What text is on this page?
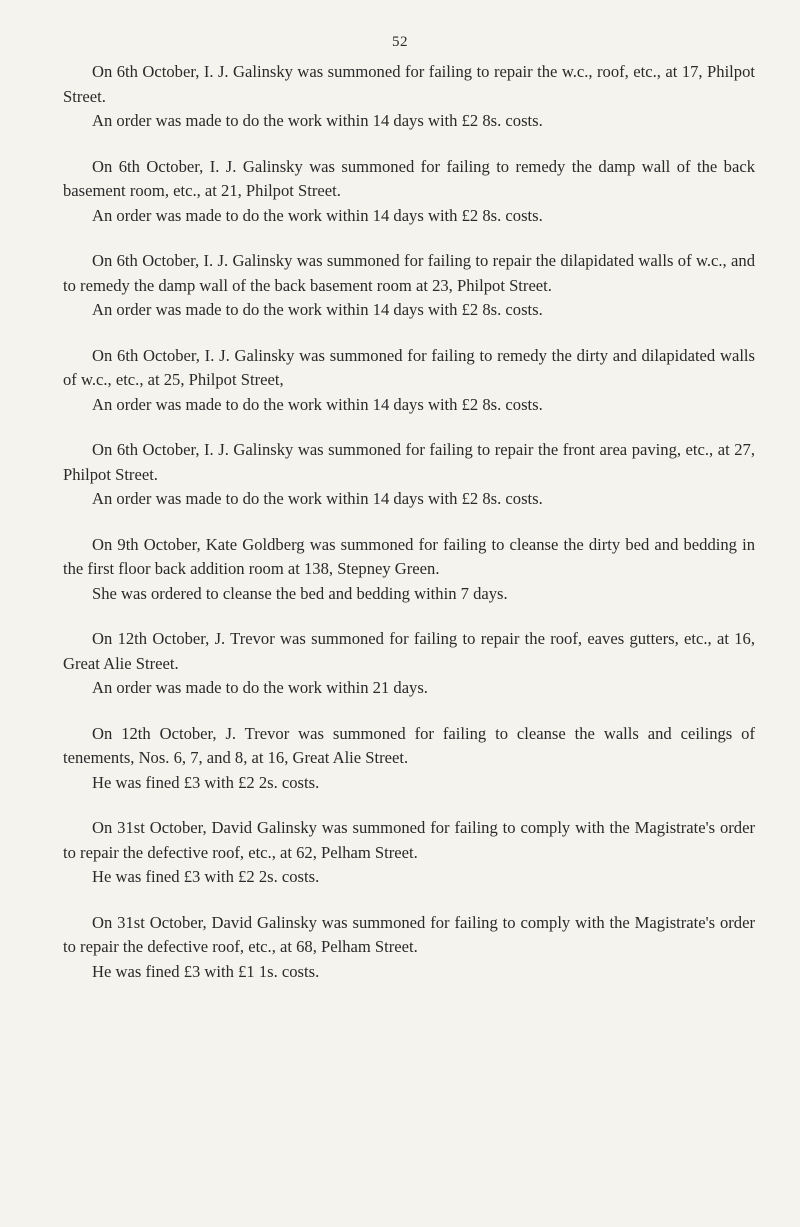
52

On 6th October, I. J. Galinsky was summoned for failing to repair the w.c., roof, etc., at 17, Philpot Street.

An order was made to do the work within 14 days with £2 8s. costs.

On 6th October, I. J. Galinsky was summoned for failing to remedy the damp wall of the back basement room, etc., at 21, Philpot Street.

An order was made to do the work within 14 days with £2 8s. costs.

On 6th October, I. J. Galinsky was summoned for failing to repair the dilapidated walls of w.c., and to remedy the damp wall of the back basement room at 23, Philpot Street.

An order was made to do the work within 14 days with £2 8s. costs.

On 6th October, I. J. Galinsky was summoned for failing to remedy the dirty and dilapidated walls of w.c., etc., at 25, Philpot Street,

An order was made to do the work within 14 days with £2 8s. costs.

On 6th October, I. J. Galinsky was summoned for failing to repair the front area paving, etc., at 27, Philpot Street.

An order was made to do the work within 14 days with £2 8s. costs.

On 9th October, Kate Goldberg was summoned for failing to cleanse the dirty bed and bedding in the first floor back addition room at 138, Stepney Green.

She was ordered to cleanse the bed and bedding within 7 days.

On 12th October, J. Trevor was summoned for failing to repair the roof, eaves gutters, etc., at 16, Great Alie Street.

An order was made to do the work within 21 days.

On 12th October, J. Trevor was summoned for failing to cleanse the walls and ceilings of tenements, Nos. 6, 7, and 8, at 16, Great Alie Street.

He was fined £3 with £2 2s. costs.

On 31st October, David Galinsky was summoned for failing to comply with the Magistrate's order to repair the defective roof, etc., at 62, Pelham Street.

He was fined £3 with £2 2s. costs.

On 31st October, David Galinsky was summoned for failing to comply with the Magistrate's order to repair the defective roof, etc., at 68, Pelham Street.

He was fined £3 with £1 1s. costs.
